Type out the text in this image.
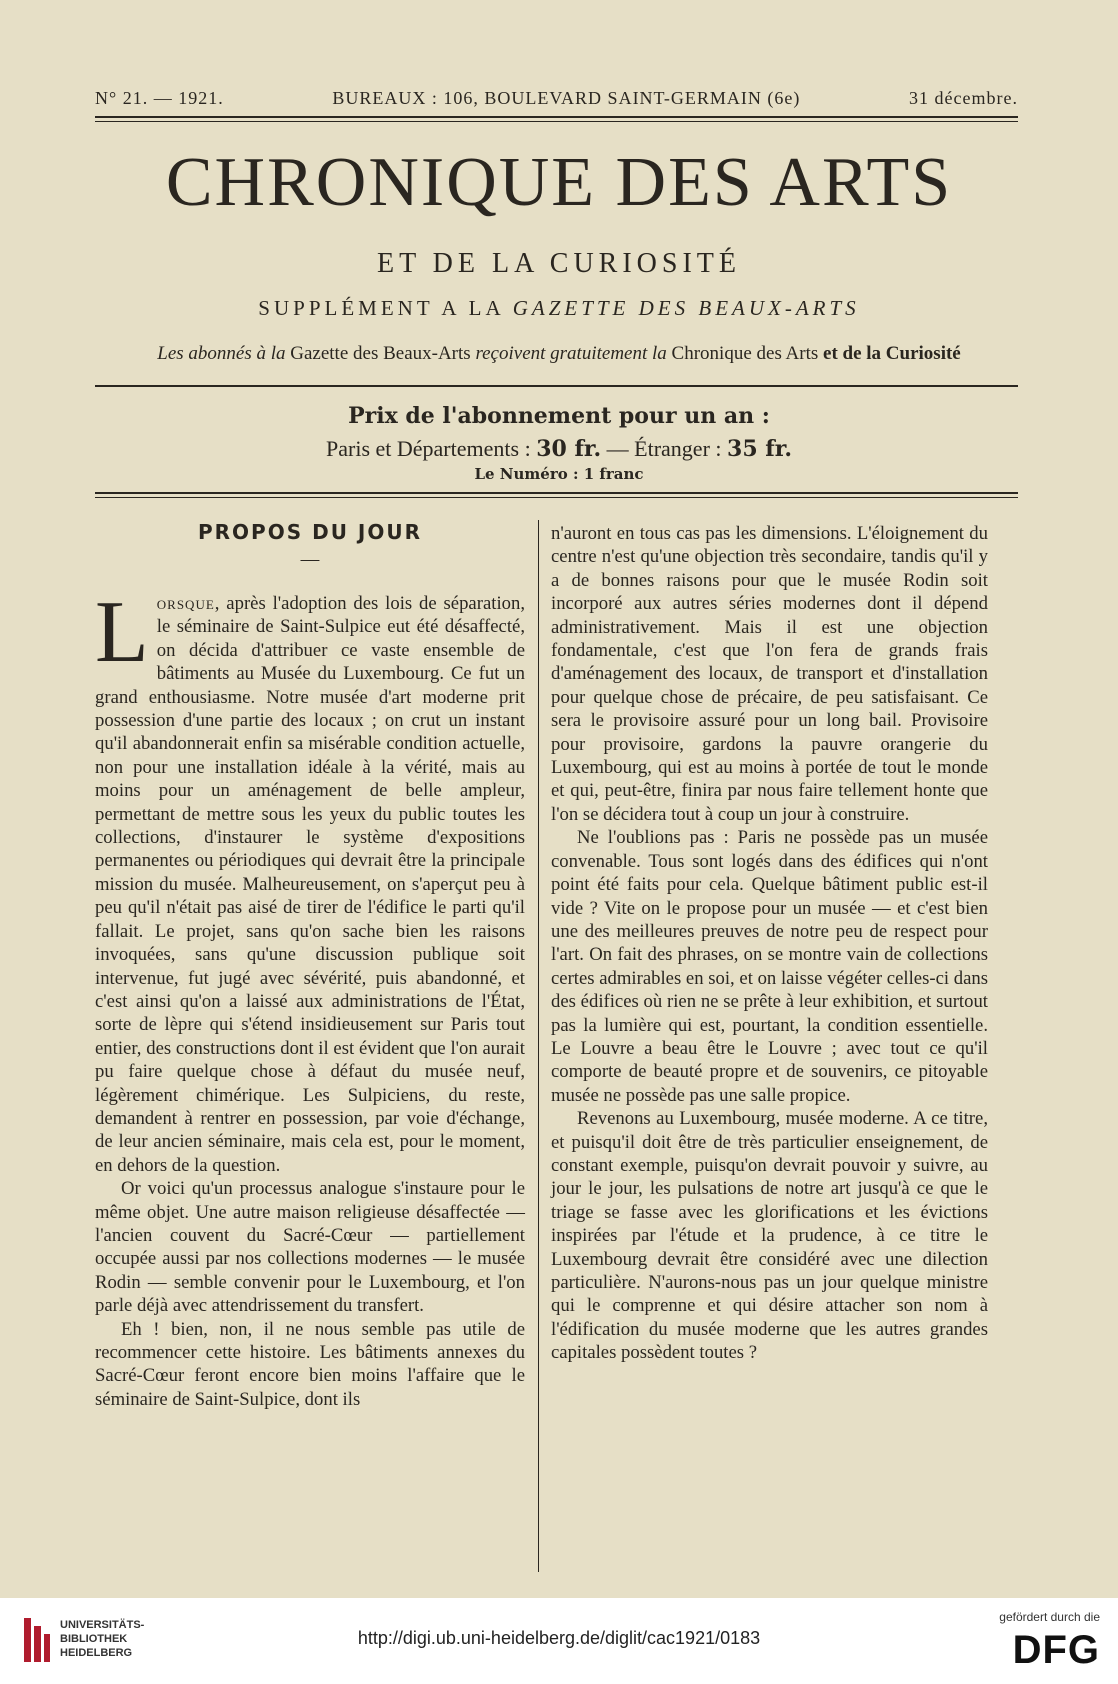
N° 21. — 1921.	BUREAUX : 106, BOULEVARD SAINT-GERMAIN (6e)	31 décembre.
CHRONIQUE DES ARTS
ET DE LA CURIOSITÉ
SUPPLÉMENT A LA GAZETTE DES BEAUX-ARTS
Les abonnés à la Gazette des Beaux-Arts reçoivent gratuitement la Chronique des Arts et de la Curiosité
Prix de l'abonnement pour un an :
Paris et Départements : 30 fr. — Étranger : 35 fr.
Le Numéro : 1 franc
PROPOS DU JOUR
—

Lorsque, après l'adoption des lois de séparation, le séminaire de Saint-Sulpice eut été désaffecté, on décida d'attribuer ce vaste ensemble de bâtiments au Musée du Luxembourg. Ce fut un grand enthousiasme. Notre musée d'art moderne prit possession d'une partie des locaux ; on crut un instant qu'il abandonnerait enfin sa misérable condition actuelle, non pour une installation idéale à la vérité, mais au moins pour un aménagement de belle ampleur, permettant de mettre sous les yeux du public toutes les collections, d'instaurer le système d'expositions permanentes ou périodiques qui devrait être la principale mission du musée. Malheureusement, on s'aperçut peu à peu qu'il n'était pas aisé de tirer de l'édifice le parti qu'il fallait. Le projet, sans qu'on sache bien les raisons invoquées, sans qu'une discussion publique soit intervenue, fut jugé avec sévérité, puis abandonné, et c'est ainsi qu'on a laissé aux administrations de l'État, sorte de lèpre qui s'étend insidieusement sur Paris tout entier, des constructions dont il est évident que l'on aurait pu faire quelque chose à défaut du musée neuf, légèrement chimérique. Les Sulpiciens, du reste, demandent à rentrer en possession, par voie d'échange, de leur ancien séminaire, mais cela est, pour le moment, en dehors de la question.

Or voici qu'un processus analogue s'instaure pour le même objet. Une autre maison religieuse désaffectée — l'ancien couvent du Sacré-Cœur — partiellement occupée aussi par nos collections modernes — le musée Rodin — semble convenir pour le Luxembourg, et l'on parle déjà avec attendrissement du transfert.

Eh ! bien, non, il ne nous semble pas utile de recommencer cette histoire. Les bâtiments annexes du Sacré-Cœur feront encore bien moins l'affaire que le séminaire de Saint-Sulpice, dont ils

n'auront en tous cas pas les dimensions. L'éloignement du centre n'est qu'une objection très secondaire, tandis qu'il y a de bonnes raisons pour que le musée Rodin soit incorporé aux autres séries modernes dont il dépend administrativement. Mais il est une objection fondamentale, c'est que l'on fera de grands frais d'aménagement des locaux, de transport et d'installation pour quelque chose de précaire, de peu satisfaisant. Ce sera le provisoire assuré pour un long bail. Provisoire pour provisoire, gardons la pauvre orangerie du Luxembourg, qui est au moins à portée de tout le monde et qui, peut-être, finira par nous faire tellement honte que l'on se décidera tout à coup un jour à construire.

Ne l'oublions pas : Paris ne possède pas un musée convenable. Tous sont logés dans des édifices qui n'ont point été faits pour cela. Quelque bâtiment public est-il vide ? Vite on le propose pour un musée — et c'est bien une des meilleures preuves de notre peu de respect pour l'art. On fait des phrases, on se montre vain de collections certes admirables en soi, et on laisse végéter celles-ci dans des édifices où rien ne se prête à leur exhibition, et surtout pas la lumière qui est, pourtant, la condition essentielle. Le Louvre a beau être le Louvre ; avec tout ce qu'il comporte de beauté propre et de souvenirs, ce pitoyable musée ne possède pas une salle propice.

Revenons au Luxembourg, musée moderne. A ce titre, et puisqu'il doit être de très particulier enseignement, de constant exemple, puisqu'on devrait pouvoir y suivre, au jour le jour, les pulsations de notre art jusqu'à ce que le triage se fasse avec les glorifications et les évictions inspirées par l'étude et la prudence, à ce titre le Luxembourg devrait être considéré avec une dilection particulière. N'aurons-nous pas un jour quelque ministre qui le comprenne et qui désire attacher son nom à l'édification du musée moderne que les autres grandes capitales possèdent toutes ?

UNIVERSITÄTS-
BIBLIOTHEK
HEIDELBERG
http://digi.ub.uni-heidelberg.de/diglit/cac1921/0183
gefördert durch die
DFG
